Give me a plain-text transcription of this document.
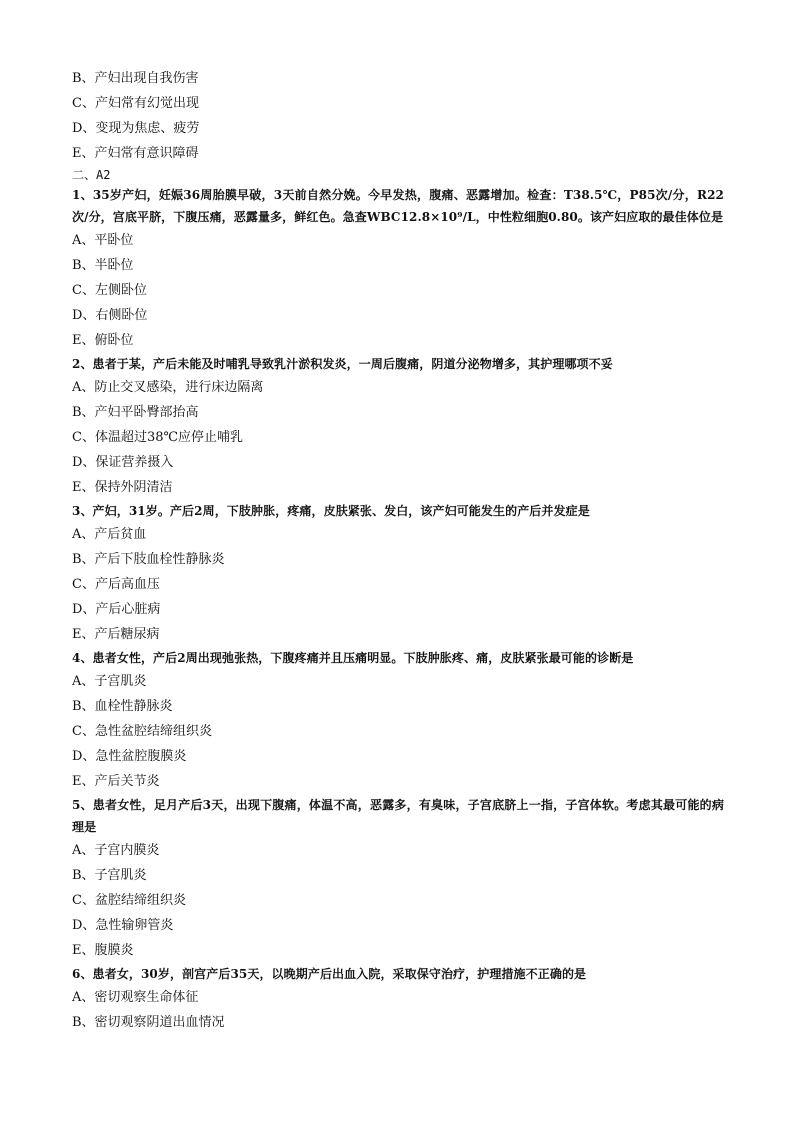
B、产妇出现自我伤害
C、产妇常有幻觉出现
D、变现为焦虑、疲劳
E、产妇常有意识障碍
二、A2
1、35岁产妇，妊娠36周胎膜早破，3天前自然分娩。今早发热，腹痛、恶露增加。检查：T38.5℃，P85次/分，R22次/分，宫底平脐，下腹压痛，恶露量多，鲜红色。急查WBC12.8×10⁹/L，中性粒细胞0.80。该产妇应取的最佳体位是
A、平卧位
B、半卧位
C、左侧卧位
D、右侧卧位
E、俯卧位
2、患者于某，产后未能及时哺乳导致乳汁淤积发炎，一周后腹痛，阴道分泌物增多，其护理哪项不妥
A、防止交叉感染，进行床边隔离
B、产妇平卧臀部抬高
C、体温超过38℃应停止哺乳
D、保证营养摄入
E、保持外阴清洁
3、产妇，31岁。产后2周，下肢肿胀，疼痛，皮肤紧张、发白，该产妇可能发生的产后并发症是
A、产后贫血
B、产后下肢血栓性静脉炎
C、产后高血压
D、产后心脏病
E、产后糖尿病
4、患者女性，产后2周出现弛张热，下腹疼痛并且压痛明显。下肢肿胀疼、痛，皮肤紧张最可能的诊断是
A、子宫肌炎
B、血栓性静脉炎
C、急性盆腔结缔组织炎
D、急性盆腔腹膜炎
E、产后关节炎
5、患者女性，足月产后3天，出现下腹痛，体温不高，恶露多，有臭味，子宫底脐上一指，子宫体软。考虑其最可能的病理是
A、子宫内膜炎
B、子宫肌炎
C、盆腔结缔组织炎
D、急性输卵管炎
E、腹膜炎
6、患者女，30岁，剖宫产后35天，以晚期产后出血入院，采取保守治疗，护理措施不正确的是
A、密切观察生命体征
B、密切观察阴道出血情况
